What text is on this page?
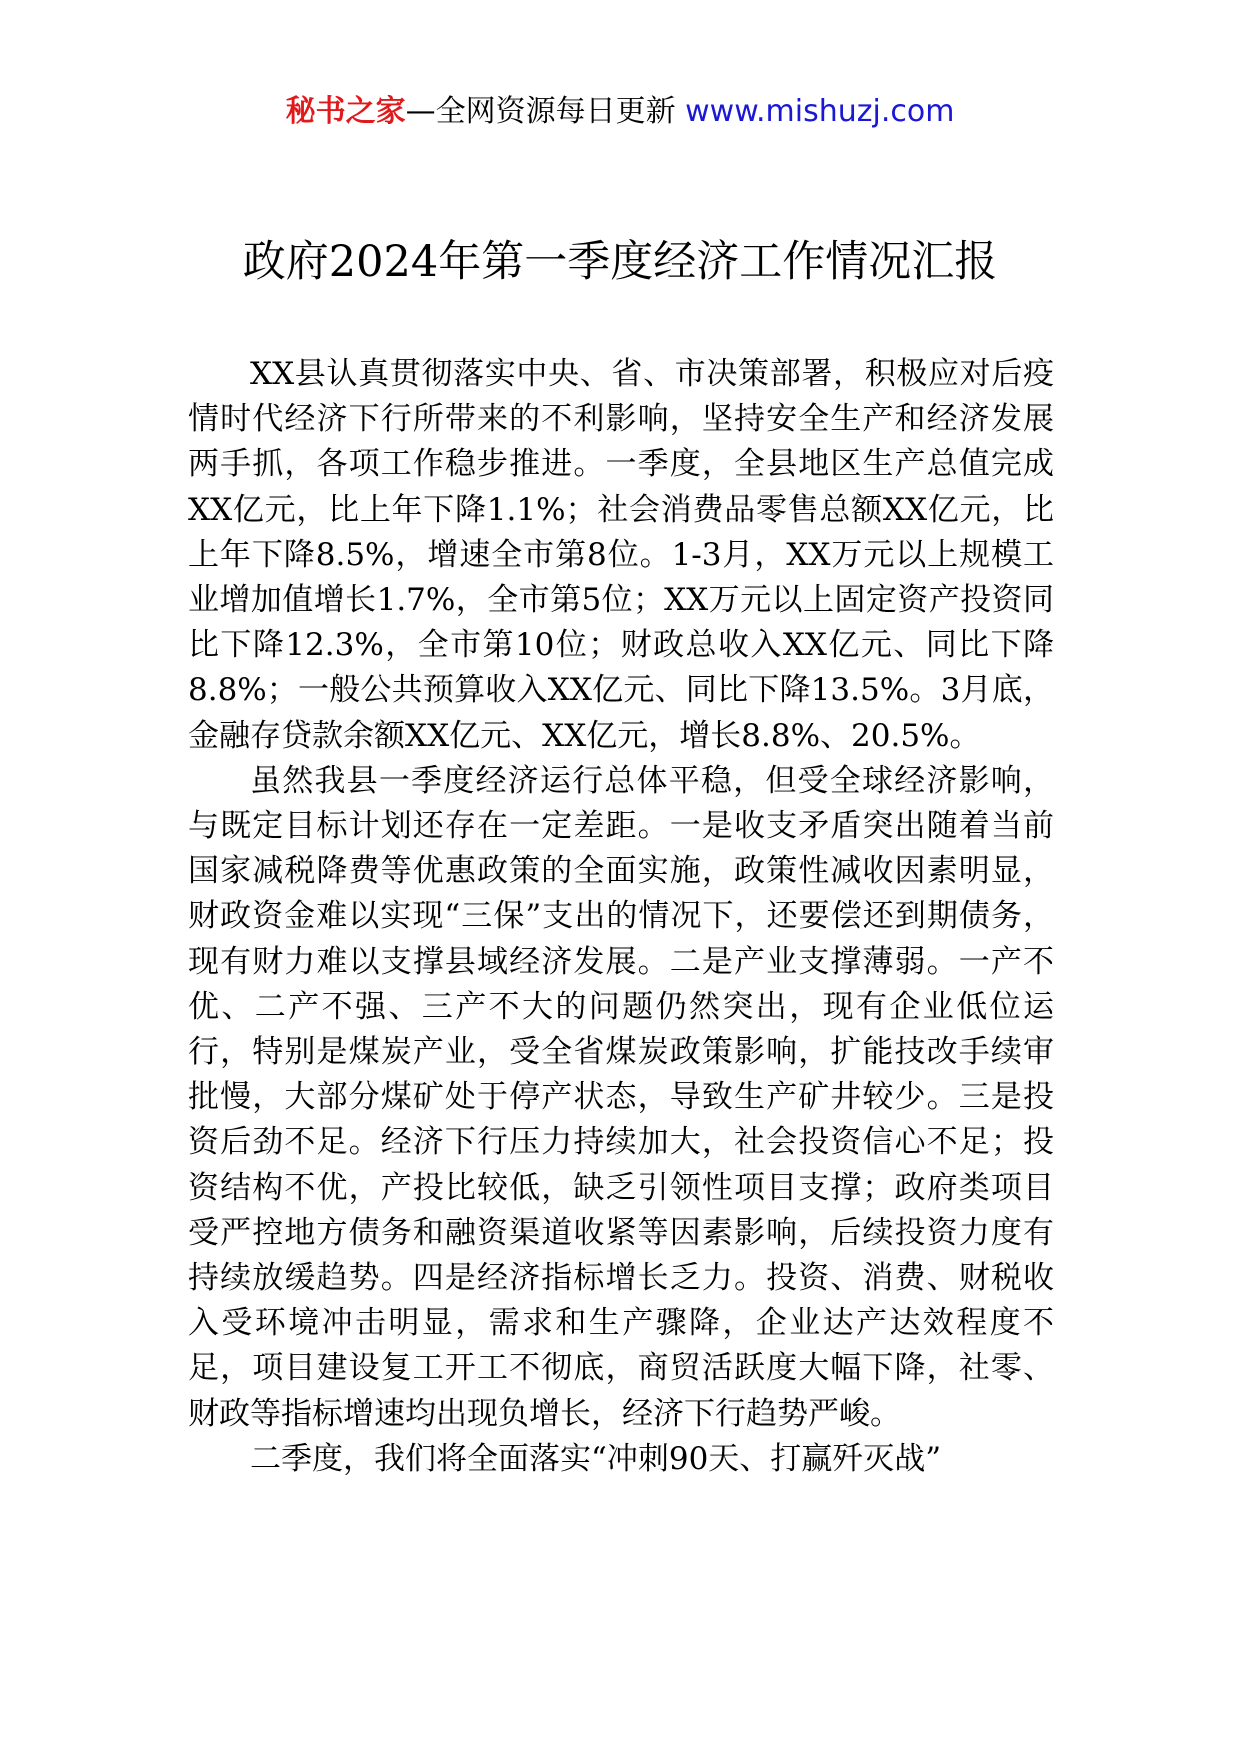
秘书之家—全网资源每日更新 www.mishuzj.com
政府2024年第一季度经济工作情况汇报

XX县认真贯彻落实中央、省、市决策部署，积极应对后疫情时代经济下行所带来的不利影响，坚持安全生产和经济发展两手抓，各项工作稳步推进。一季度，全县地区生产总值完成XX亿元，比上年下降1.1%；社会消费品零售总额XX亿元，比上年下降8.5%，增速全市第8位。1-3月，XX万元以上规模工业增加值增长1.7%，全市第5位；XX万元以上固定资产投资同比下降12.3%，全市第10位；财政总收入XX亿元、同比下降8.8%；一般公共预算收入XX亿元、同比下降13.5%。3月底，金融存贷款余额XX亿元、XX亿元，增长8.8%、20.5%。

虽然我县一季度经济运行总体平稳，但受全球经济影响，与既定目标计划还存在一定差距。一是收支矛盾突出随着当前国家减税降费等优惠政策的全面实施，政策性减收因素明显，财政资金难以实现“三保”支出的情况下，还要偿还到期债务，现有财力难以支撑县域经济发展。二是产业支撑薄弱。一产不优、二产不强、三产不大的问题仍然突出，现有企业低位运行，特别是煤炭产业，受全省煤炭政策影响，扩能技改手续审批慢，大部分煤矿处于停产状态，导致生产矿井较少。三是投资后劲不足。经济下行压力持续加大，社会投资信心不足；投资结构不优，产投比较低，缺乏引领性项目支撑；政府类项目受严控地方债务和融资渠道收紧等因素影响，后续投资力度有持续放缓趋势。四是经济指标增长乏力。投资、消费、财税收入受环境冲击明显，需求和生产骤降，企业达产达效程度不足，项目建设复工开工不彻底，商贸活跃度大幅下降，社零、财政等指标增速均出现负增长，经济下行趋势严峻。

二季度，我们将全面落实“冲刺90天、打赢歼灭战”
